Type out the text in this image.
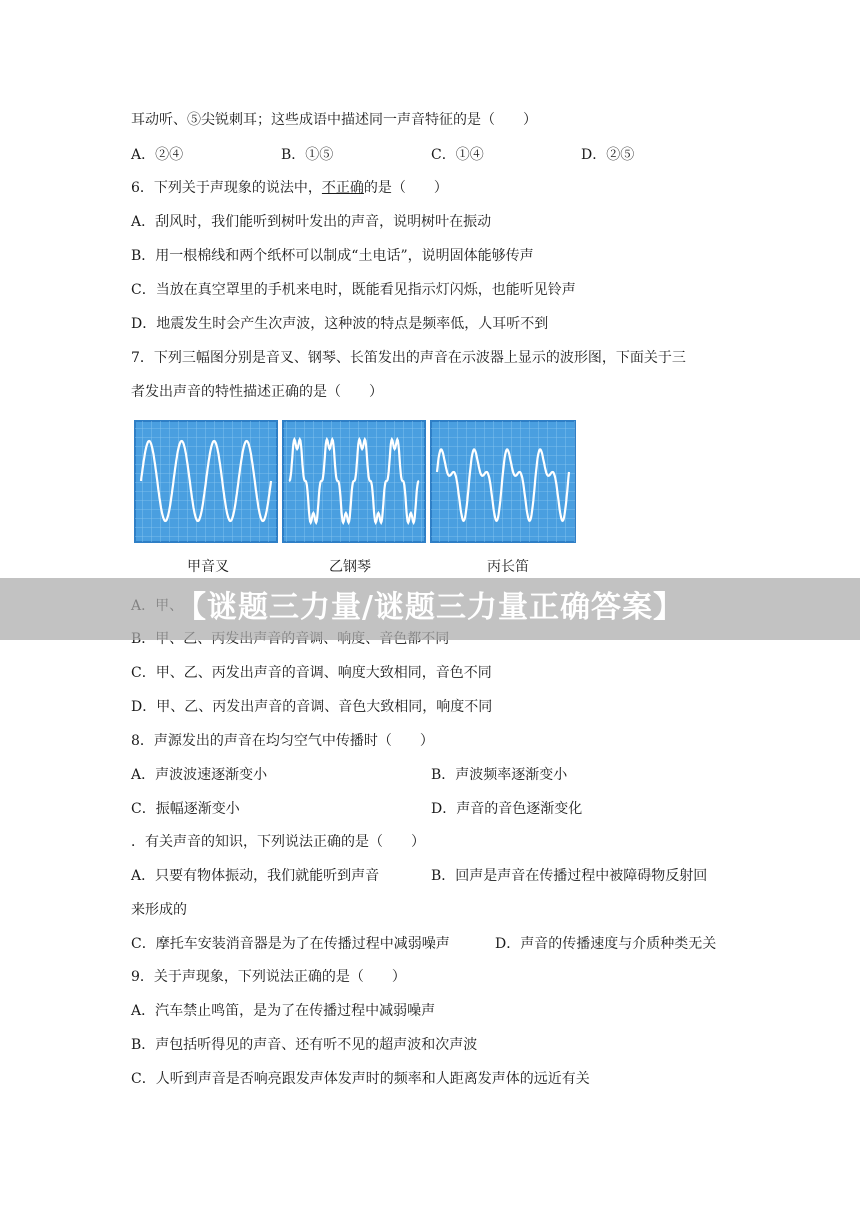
耳动听、⑤尖锐刺耳；这些成语中描述同一声音特征的是（　　）
A．②④	B．①⑤	C．①④	D．②⑤
6．下列关于声现象的说法中，不正确的是（　　）
A．刮风时，我们能听到树叶发出的声音，说明树叶在振动
B．用一根棉线和两个纸杯可以制成“土电话”，说明固体能够传声
C．当放在真空罩里的手机来电时，既能看见指示灯闪烁，也能听见铃声
D．地震发生时会产生次声波，这种波的特点是频率低，人耳听不到
7．下列三幅图分别是音叉、钢琴、长笛发出的声音在示波器上显示的波形图，下面关于三
者发出声音的特性描述正确的是（　　）
甲音叉	乙钢琴	丙长笛
C．甲、乙、丙发出声音的音调、响度大致相同，音色不同
D．甲、乙、丙发出声音的音调、音色大致相同，响度不同
【谜题三力量/谜题三力量正确答案】
8．声源发出的声音在均匀空气中传播时（　　）
A．声波波速逐渐变小	B．声波频率逐渐变小
C．振幅逐渐变小	D．声音的音色逐渐变化
．有关声音的知识，下列说法正确的是（　　）
A．只要有物体振动，我们就能听到声音	B．回声是声音在传播过程中被障碍物反射回
来形成的
C．摩托车安装消音器是为了在传播过程中减弱噪声	D．声音的传播速度与介质种类无关
9．关于声现象，下列说法正确的是（　　）
A．汽车禁止鸣笛，是为了在传播过程中减弱噪声
B．声包括听得见的声音、还有听不见的超声波和次声波
C．人听到声音是否响亮跟发声体发声时的频率和人距离发声体的远近有关
